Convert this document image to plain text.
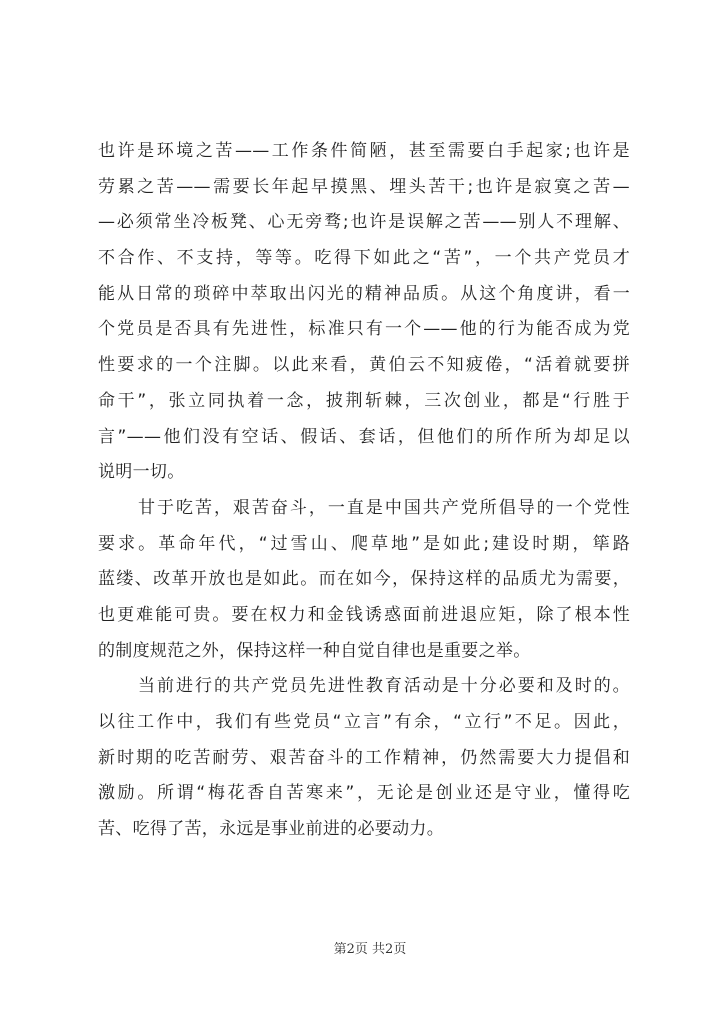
也许是环境之苦——工作条件简陋，甚至需要白手起家;也许是
劳累之苦——需要长年起早摸黑、埋头苦干;也许是寂寞之苦—
—必须常坐冷板凳、心无旁骛;也许是误解之苦——别人不理解、
不合作、不支持，等等。吃得下如此之“苦”，一个共产党员才
能从日常的琐碎中萃取出闪光的精神品质。从这个角度讲，看一
个党员是否具有先进性，标准只有一个——他的行为能否成为党
性要求的一个注脚。以此来看，黄伯云不知疲倦，“活着就要拼
命干”，张立同执着一念，披荆斩棘，三次创业，都是“行胜于
言”——他们没有空话、假话、套话，但他们的所作所为却足以
说明一切。
甘于吃苦，艰苦奋斗，一直是中国共产党所倡导的一个党性
要求。革命年代，“过雪山、爬草地”是如此;建设时期，筚路
蓝缕、改革开放也是如此。而在如今，保持这样的品质尤为需要，
也更难能可贵。要在权力和金钱诱惑面前进退应矩，除了根本性
的制度规范之外，保持这样一种自觉自律也是重要之举。
当前进行的共产党员先进性教育活动是十分必要和及时的。
以往工作中，我们有些党员“立言”有余，“立行”不足。因此，
新时期的吃苦耐劳、艰苦奋斗的工作精神，仍然需要大力提倡和
激励。所谓“梅花香自苦寒来”，无论是创业还是守业，懂得吃
苦、吃得了苦，永远是事业前进的必要动力。
第2页 共2页
